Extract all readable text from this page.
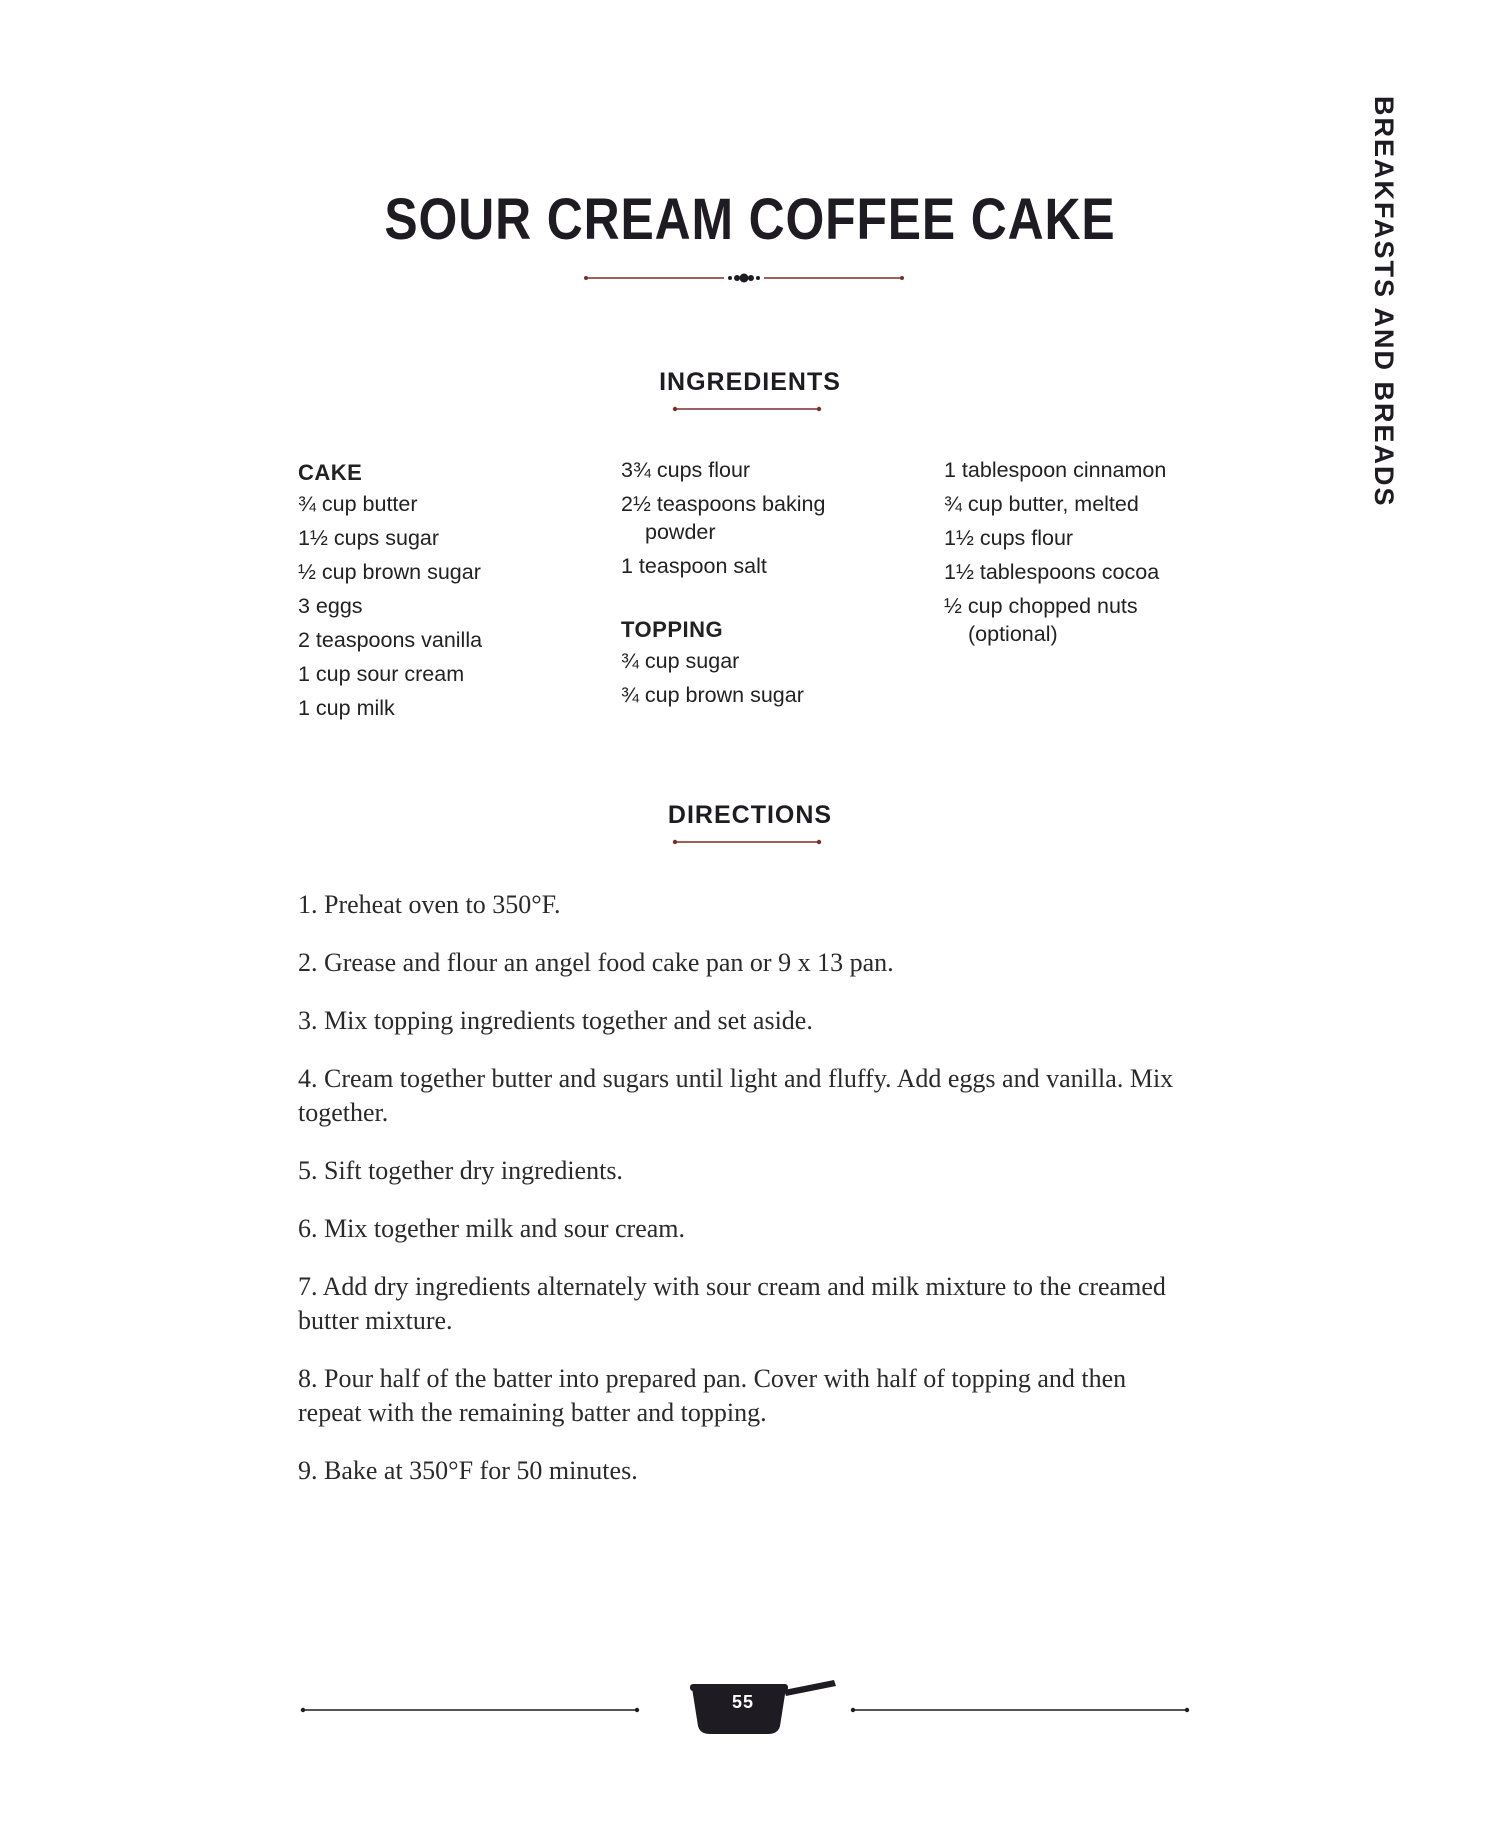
SOUR CREAM COFFEE CAKE	BREAKFASTS AND BREADS
INGREDIENTS
CAKE
¾ cup butter
1½ cups sugar
½ cup brown sugar
3 eggs
2 teaspoons vanilla
1 cup sour cream
1 cup milk
3¾ cups flour
2½ teaspoons baking powder
1 teaspoon salt
TOPPING
¾ cup sugar
¾ cup brown sugar
1 tablespoon cinnamon
¾ cup butter, melted
1½ cups flour
1½ tablespoons cocoa
½ cup chopped nuts (optional)
DIRECTIONS
1. Preheat oven to 350°F.
2. Grease and flour an angel food cake pan or 9 x 13 pan.
3. Mix topping ingredients together and set aside.
4. Cream together butter and sugars until light and fluffy. Add eggs and vanilla. Mix together.
5. Sift together dry ingredients.
6. Mix together milk and sour cream.
7. Add dry ingredients alternately with sour cream and milk mixture to the creamed butter mixture.
8. Pour half of the batter into prepared pan. Cover with half of topping and then repeat with the remaining batter and topping.
9. Bake at 350°F for 50 minutes.
55
